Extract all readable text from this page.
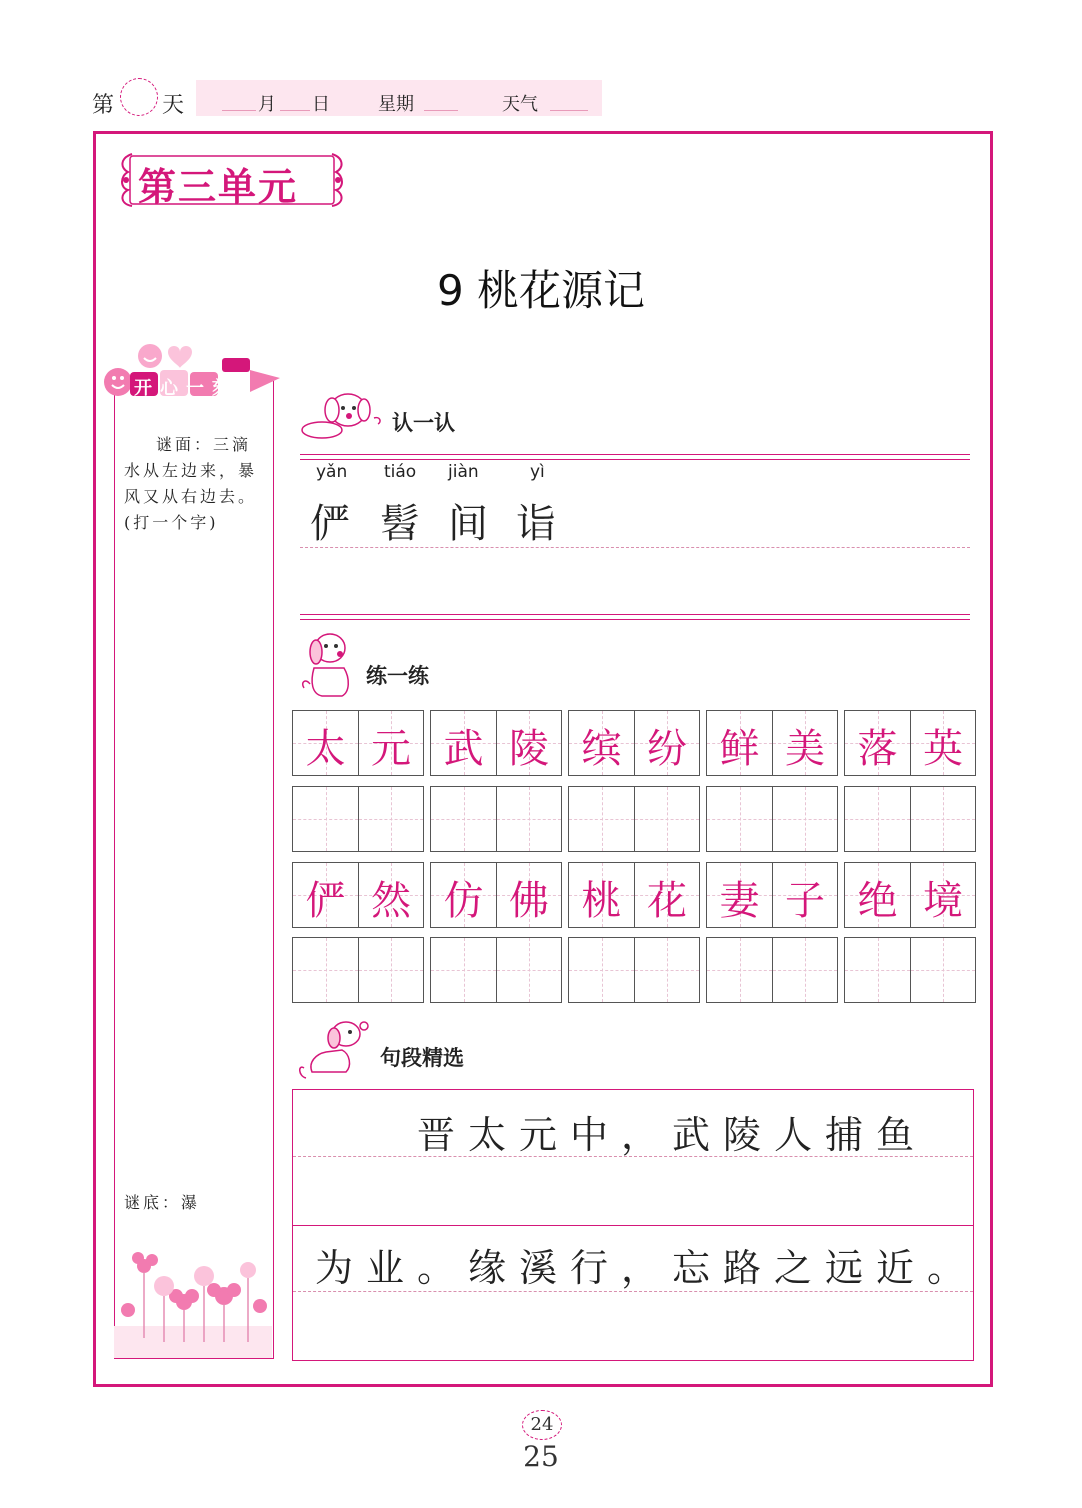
第 天	月 日	星期	天气
第三单元
9 桃花源记
开心一刻
谜面：三滴水从左边来，暴风又从右边去。(打一个字)
谜底：瀑
认一认
yǎn tiáo jiàn	yì
俨 髫 间 诣
练一练
太 元 武 陵 缤 纷 鲜 美 落 英
俨 然 仿 佛 桃 花 妻 子 绝 境
句段精选
晋太元中，武陵人捕鱼
为业。缘溪行，忘路之远近。
24
25
